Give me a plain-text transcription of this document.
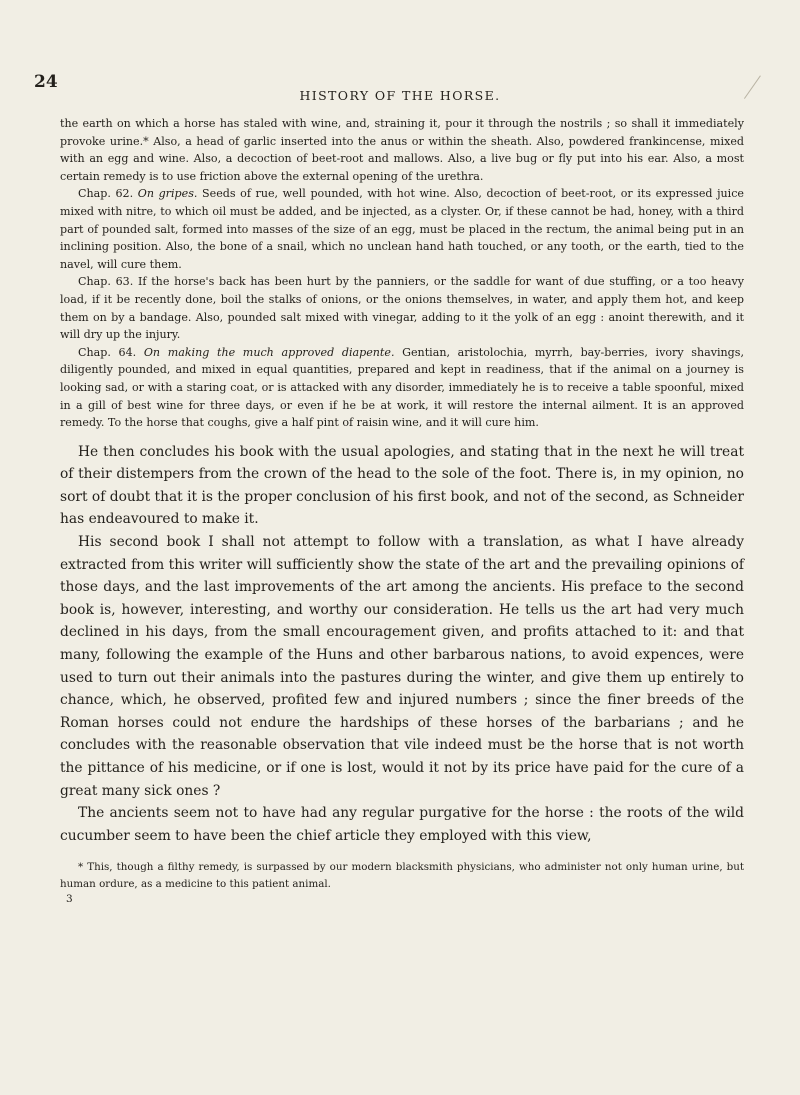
24

HISTORY OF THE HORSE.

the earth on which a horse has staled with wine, and, straining it, pour it through the nostrils ; so shall it immediately provoke urine.* Also, a head of garlic inserted into the anus or within the sheath. Also, powdered frankincense, mixed with an egg and wine. Also, a decoction of beet-root and mallows. Also, a live bug or fly put into his ear. Also, a most certain remedy is to use friction above the external opening of the urethra.

Chap. 62. On gripes. Seeds of rue, well pounded, with hot wine. Also, decoction of beet-root, or its expressed juice mixed with nitre, to which oil must be added, and be injected, as a clyster. Or, if these cannot be had, honey, with a third part of pounded salt, formed into masses of the size of an egg, must be placed in the rectum, the animal being put in an inclining position. Also, the bone of a snail, which no unclean hand hath touched, or any tooth, or the earth, tied to the navel, will cure them.

Chap. 63. If the horse's back has been hurt by the panniers, or the saddle for want of due stuffing, or a too heavy load, if it be recently done, boil the stalks of onions, or the onions themselves, in water, and apply them hot, and keep them on by a bandage. Also, pounded salt mixed with vinegar, adding to it the yolk of an egg : anoint therewith, and it will dry up the injury.

Chap. 64. On making the much approved diapente. Gentian, aristolochia, myrrh, bay-berries, ivory shavings, diligently pounded, and mixed in equal quantities, prepared and kept in readiness, that if the animal on a journey is looking sad, or with a staring coat, or is attacked with any disorder, immediately he is to receive a table spoonful, mixed in a gill of best wine for three days, or even if he be at work, it will restore the internal ailment. It is an approved remedy. To the horse that coughs, give a half pint of raisin wine, and it will cure him.

He then concludes his book with the usual apologies, and stating that in the next he will treat of their distempers from the crown of the head to the sole of the foot. There is, in my opinion, no sort of doubt that it is the proper conclusion of his first book, and not of the second, as Schneider has endeavoured to make it.

His second book I shall not attempt to follow with a translation, as what I have already extracted from this writer will sufficiently show the state of the art and the prevailing opinions of those days, and the last improvements of the art among the ancients. His preface to the second book is, however, interesting, and worthy our consideration. He tells us the art had very much declined in his days, from the small encouragement given, and profits attached to it: and that many, following the example of the Huns and other barbarous nations, to avoid expences, were used to turn out their animals into the pastures during the winter, and give them up entirely to chance, which, he observed, profited few and injured numbers ; since the finer breeds of the Roman horses could not endure the hardships of these horses of the barbarians ; and he concludes with the reasonable observation that vile indeed must be the horse that is not worth the pittance of his medicine, or if one is lost, would it not by its price have paid for the cure of a great many sick ones ?

The ancients seem not to have had any regular purgative for the horse : the roots of the wild cucumber seem to have been the chief article they employed with this view,

* This, though a filthy remedy, is surpassed by our modern blacksmith physicians, who administer not only human urine, but human ordure, as a medicine to this patient animal.

3
